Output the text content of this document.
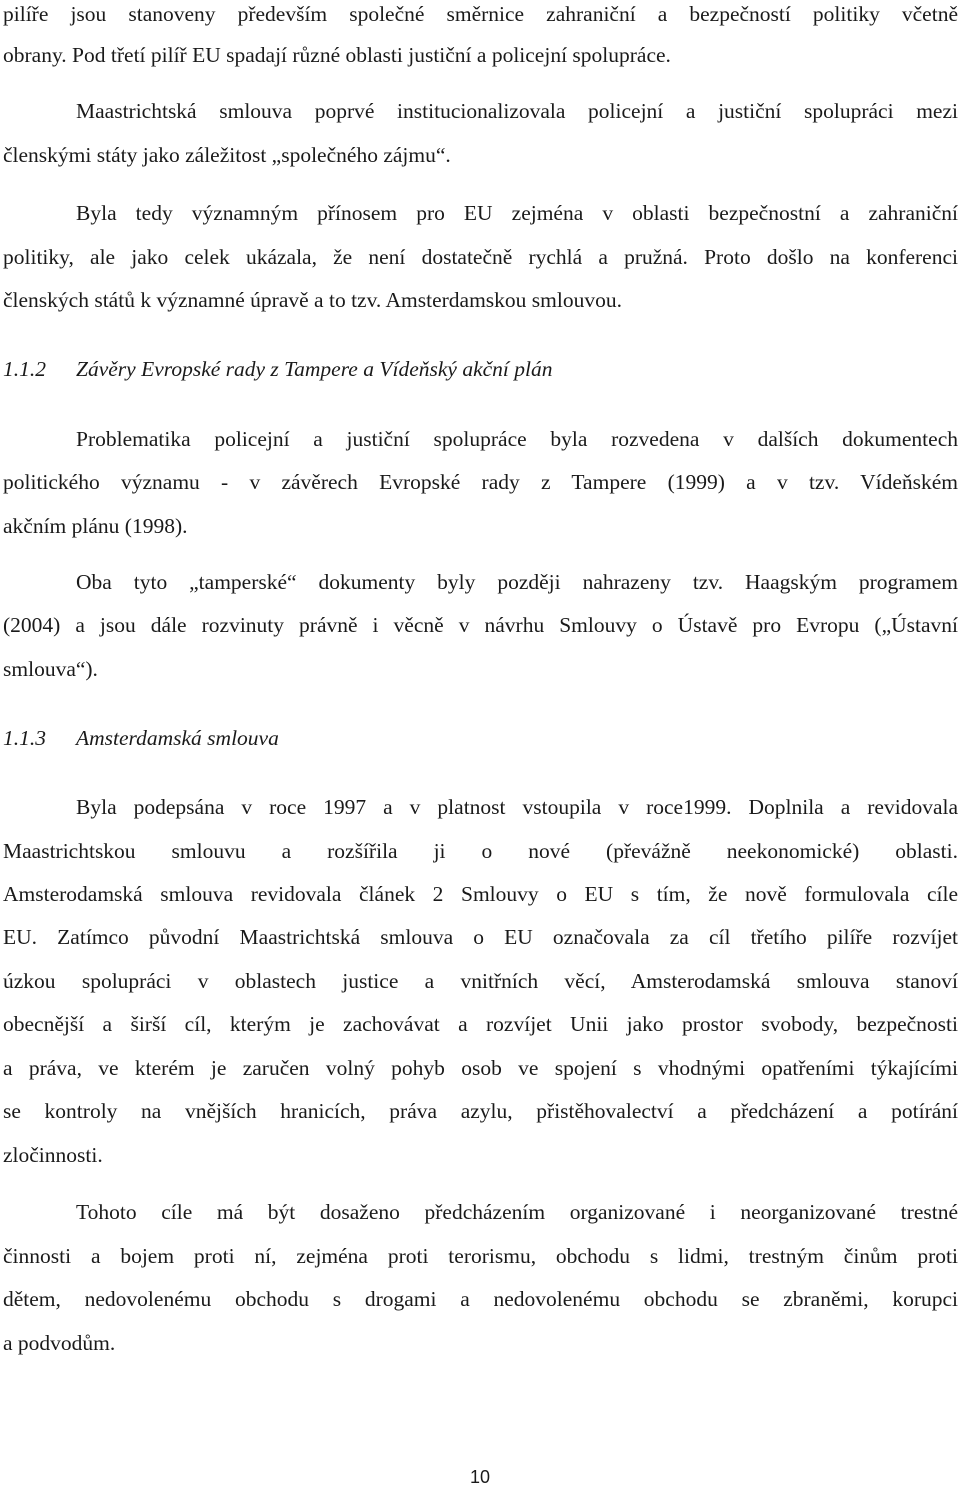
pilíře jsou stanoveny především společné směrnice zahraniční a bezpečností politiky včetně
obrany. Pod třetí pilíř EU spadají různé oblasti justiční a policejní spolupráce.
Maastrichtská smlouva poprvé institucionalizovala policejní a justiční spolupráci mezi
členskými státy jako záležitost „společného zájmu“.
Byla tedy významným přínosem pro EU zejména v oblasti bezpečnostní a zahraniční
politiky, ale jako celek ukázala, že není dostatečně rychlá a pružná. Proto došlo na konferenci
členských států k významné úpravě a to tzv. Amsterdamskou smlouvou.
1.1.2 Závěry Evropské rady z Tampere a Vídeňský akční plán
Problematika policejní a justiční spolupráce byla rozvedena v dalších dokumentech
politického významu - v závěrech Evropské rady z Tampere (1999) a v tzv. Vídeňském
akčním plánu (1998).
Oba tyto „tamperské“ dokumenty byly později nahrazeny tzv. Haagským programem
(2004) a jsou dále rozvinuty právně i věcně v návrhu Smlouvy o Ústavě pro Evropu („Ústavní
smlouva“).
1.1.3 Amsterdamská smlouva
Byla podepsána v roce 1997 a v platnost vstoupila v roce1999. Doplnila a revidovala
Maastrichtskou smlouvu a rozšířila ji o nové (převážně neekonomické) oblasti.
Amsterodamská smlouva revidovala článek 2 Smlouvy o EU s tím, že nově formulovala cíle
EU. Zatímco původní Maastrichtská smlouva o EU označovala za cíl třetího pilíře rozvíjet
úzkou spolupráci v oblastech justice a vnitřních věcí, Amsterodamská smlouva stanoví
obecnější a širší cíl, kterým je zachovávat a rozvíjet Unii jako prostor svobody, bezpečnosti
a práva, ve kterém je zaručen volný pohyb osob ve spojení s vhodnými opatřeními týkajícími
se kontroly na vnějších hranicích, práva azylu, přistěhovalectví a předcházení a potírání
zločinnosti.
Tohoto cíle má být dosaženo předcházením organizované i neorganizované trestné
činnosti a bojem proti ní, zejména proti terorismu, obchodu s lidmi, trestným činům proti
dětem, nedovolenému obchodu s drogami a nedovolenému obchodu se zbraněmi, korupci
a podvodům.
10
